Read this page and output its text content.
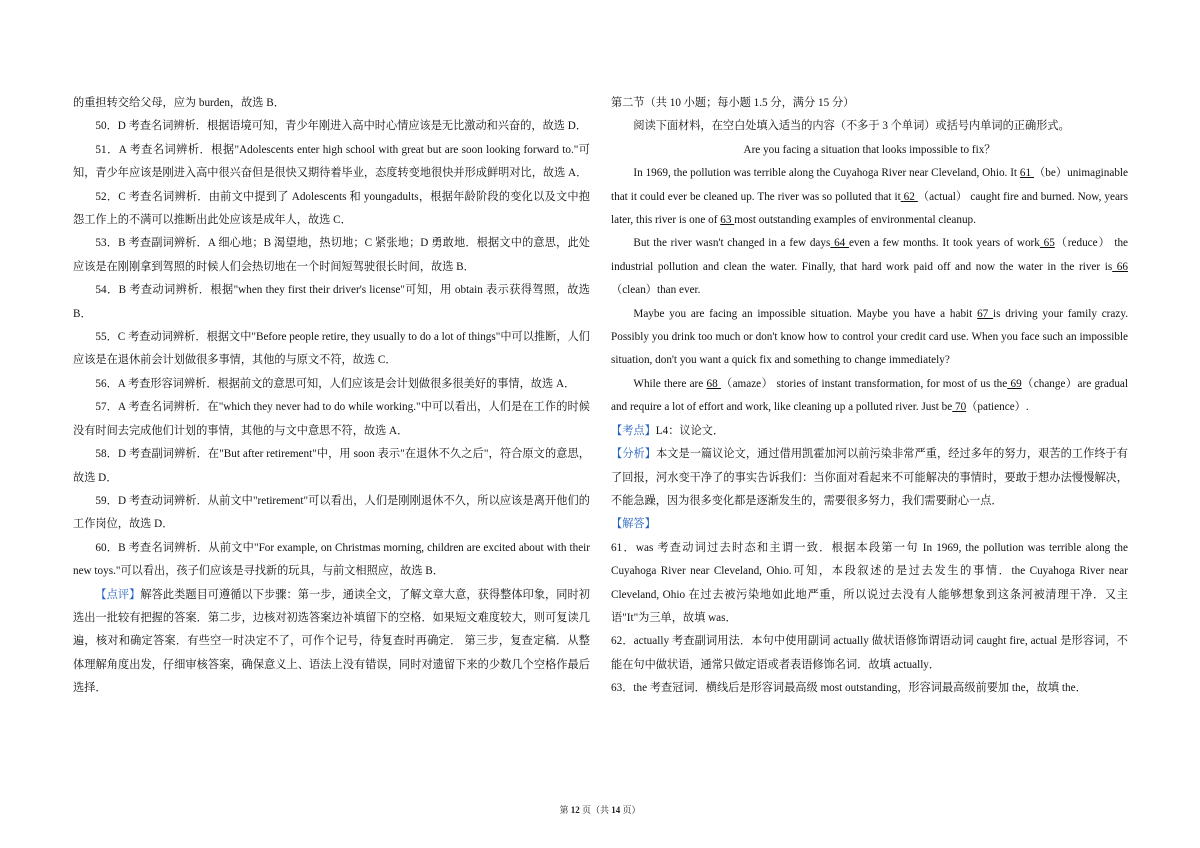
的重担转交给父母，应为 burden，故选 B．

50．D 考查名词辨析．根据语境可知，青少年刚进入高中时心情应该是无比激动和兴奋的，故选 D．

51．A 考查名词辨析．根据"Adolescents enter high school with great but are soon looking forward to."可知，青少年应该是刚进入高中很兴奋但是很快又期待着毕业，态度转变地很快并形成鲜明对比，故选 A．

52．C 考查名词辨析．由前文中提到了 Adolescents 和 youngadults，根据年龄阶段的变化以及文中抱怨工作上的不满可以推断出此处应该是成年人，故选 C．

53．B 考查副词辨析．A 细心地；B 渴望地，热切地；C 紧张地；D 勇敢地．根据文中的意思，此处应该是在刚刚拿到驾照的时候人们会热切地在一个时间短驾驶很长时间，故选 B．

54．B 考查动词辨析．根据"when they first their driver's license"可知，用 obtain 表示获得驾照，故选 B．

55．C 考查动词辨析．根据文中"Before people retire, they usually to do a lot of things"中可以推断，人们应该是在退休前会计划做很多事情，其他的与原文不符，故选 C．

56．A 考查形容词辨析．根据前文的意思可知，人们应该是会计划做很多很美好的事情，故选 A．

57．A 考查名词辨析．在"which they never had to do while working."中可以看出，人们是在工作的时候没有时间去完成他们计划的事情，其他的与文中意思不符，故选 A．

58．D 考查副词辨析．在"But after retirement"中，用 soon 表示"在退休不久之后"，符合原文的意思，故选 D．

59．D 考查动词辨析．从前文中"retirement"可以看出，人们是刚刚退休不久，所以应该是离开他们的工作岗位，故选 D．

60．B 考查名词辨析．从前文中"For example, on Christmas morning, children are excited about with their new toys."可以看出，孩子们应该是寻找新的玩具，与前文相照应，故选 B．

【点评】解答此类题目可遵循以下步骤：第一步，通读全文，了解文章大意，获得整体印象，同时初选出一批较有把握的答案．第二步，边核对初选答案边补填留下的空格．如果短文难度较大，则可复读几遍，核对和确定答案．有些空一时决定不了，可作个记号，待复查时再确定． 第三步，复查定稿．从整体理解角度出发，仔细审核答案，确保意义上、语法上没有错误，同时对遗留下来的少数几个空格作最后选择．

第二节（共 10 小题；每小题 1.5 分，满分 15 分）

阅读下面材料，在空白处填入适当的内容（不多于 3 个单词）或括号内单词的正确形式。

Are you facing a situation that looks impossible to fix？

In 1969, the pollution was terrible along the Cuyahoga River near Cleveland, Ohio. It 61 （be）unimaginable that it could ever be cleaned up. The river was so polluted that it 62 （actual） caught fire and burned. Now, years later, this river is one of 63 most outstanding examples of environmental cleanup.

But the river wasn't changed in a few days 64 even a few months. It took years of work 65（reduce） the industrial pollution and clean the water. Finally, that hard work paid off and now the water in the river is 66 （clean）than ever.

Maybe you are facing an impossible situation. Maybe you have a habit 67 is driving your family crazy. Possibly you drink too much or don't know how to control your credit card use. When you face such an impossible situation, don't you want a quick fix and something to change immediately?

While there are 68 （amaze） stories of instant transformation, for most of us the 69（change）are gradual and require a lot of effort and work, like cleaning up a polluted river. Just be 70（patience）.

【考点】L4：议论文．

【分析】本文是一篇议论文，通过借用凯霍加河以前污染非常严重，经过多年的努力，艰苦的工作终于有了回报，河水变干净了的事实告诉我们：当你面对看起来不可能解决的事情时，要敢于想办法慢慢解决，不能急躁，因为很多变化都是逐渐发生的，需要很多努力，我们需要耐心一点．

【解答】

61．was 考查动词过去时态和主谓一致．根据本段第一句 In 1969, the pollution was terrible along the Cuyahoga River near Cleveland, Ohio.可知，本段叙述的是过去发生的事情．the Cuyahoga River near Cleveland, Ohio 在过去被污染地如此地严重，所以说过去没有人能够想象到这条河被清理干净．又主语"It"为三单，故填 was．

62．actually 考查副词用法．本句中使用副词 actually 做状语修饰谓语动词 caught fire, actual 是形容词，不能在句中做状语，通常只做定语或者表语修饰名词．故填 actually．

63．the 考查冠词．横线后是形容词最高级 most outstanding，形容词最高级前要加 the，故填 the．

第 12 页（共 14 页）
